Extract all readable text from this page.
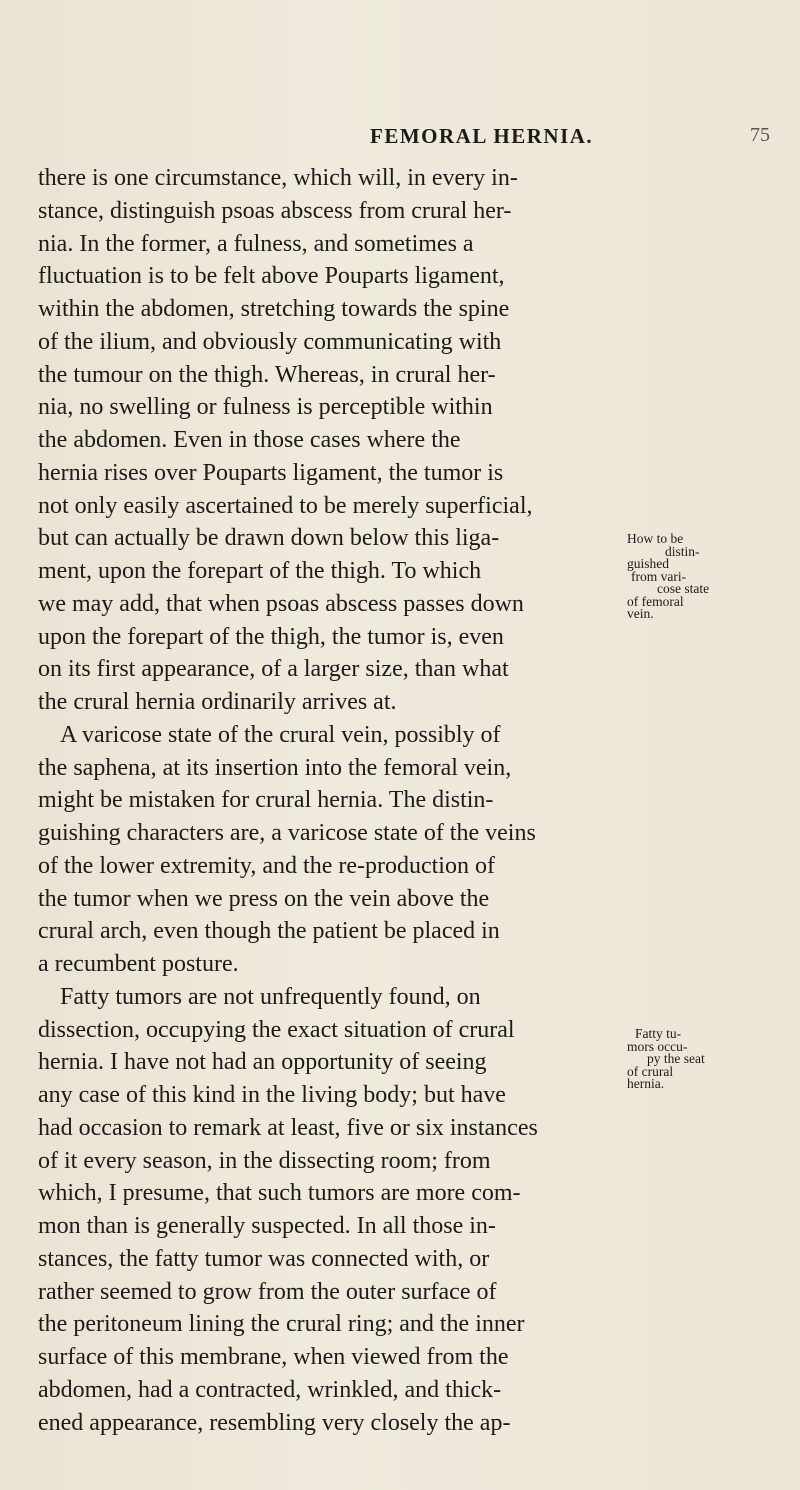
FEMORAL HERNIA.	75
there is one circumstance, which will, in every in-
stance, distinguish psoas abscess from crural her-
nia. In the former, a fulness, and sometimes a
fluctuation is to be felt above Pouparts ligament,
within the abdomen, stretching towards the spine
of the ilium, and obviously communicating with
the tumour on the thigh. Whereas, in crural her-
nia, no swelling or fulness is perceptible within
the abdomen. Even in those cases where the
hernia rises over Pouparts ligament, the tumor is
not only easily ascertained to be merely superficial,
but can actually be drawn down below this liga-
ment, upon the forepart of the thigh. To which
we may add, that when psoas abscess passes down
upon the forepart of the thigh, the tumor is, even
on its first appearance, of a larger size, than what
the crural hernia ordinarily arrives at.
A varicose state of the crural vein, possibly of
the saphena, at its insertion into the femoral vein,
might be mistaken for crural hernia. The distin-
guishing characters are, a varicose state of the veins
of the lower extremity, and the re-production of
the tumor when we press on the vein above the
crural arch, even though the patient be placed in
a recumbent posture.
Fatty tumors are not unfrequently found, on
dissection, occupying the exact situation of crural
hernia. I have not had an opportunity of seeing
any case of this kind in the living body; but have
had occasion to remark at least, five or six instances
of it every season, in the dissecting room; from
which, I presume, that such tumors are more com-
mon than is generally suspected. In all those in-
stances, the fatty tumor was connected with, or
rather seemed to grow from the outer surface of
the peritoneum lining the crural ring; and the inner
surface of this membrane, when viewed from the
abdomen, had a contracted, wrinkled, and thick-
ened appearance, resembling very closely the ap-
How to be
distin-
guished
from vari-
cose state
of femoral
vein.
Fatty tu-
mors occu-
py the seat
of crural
hernia.
